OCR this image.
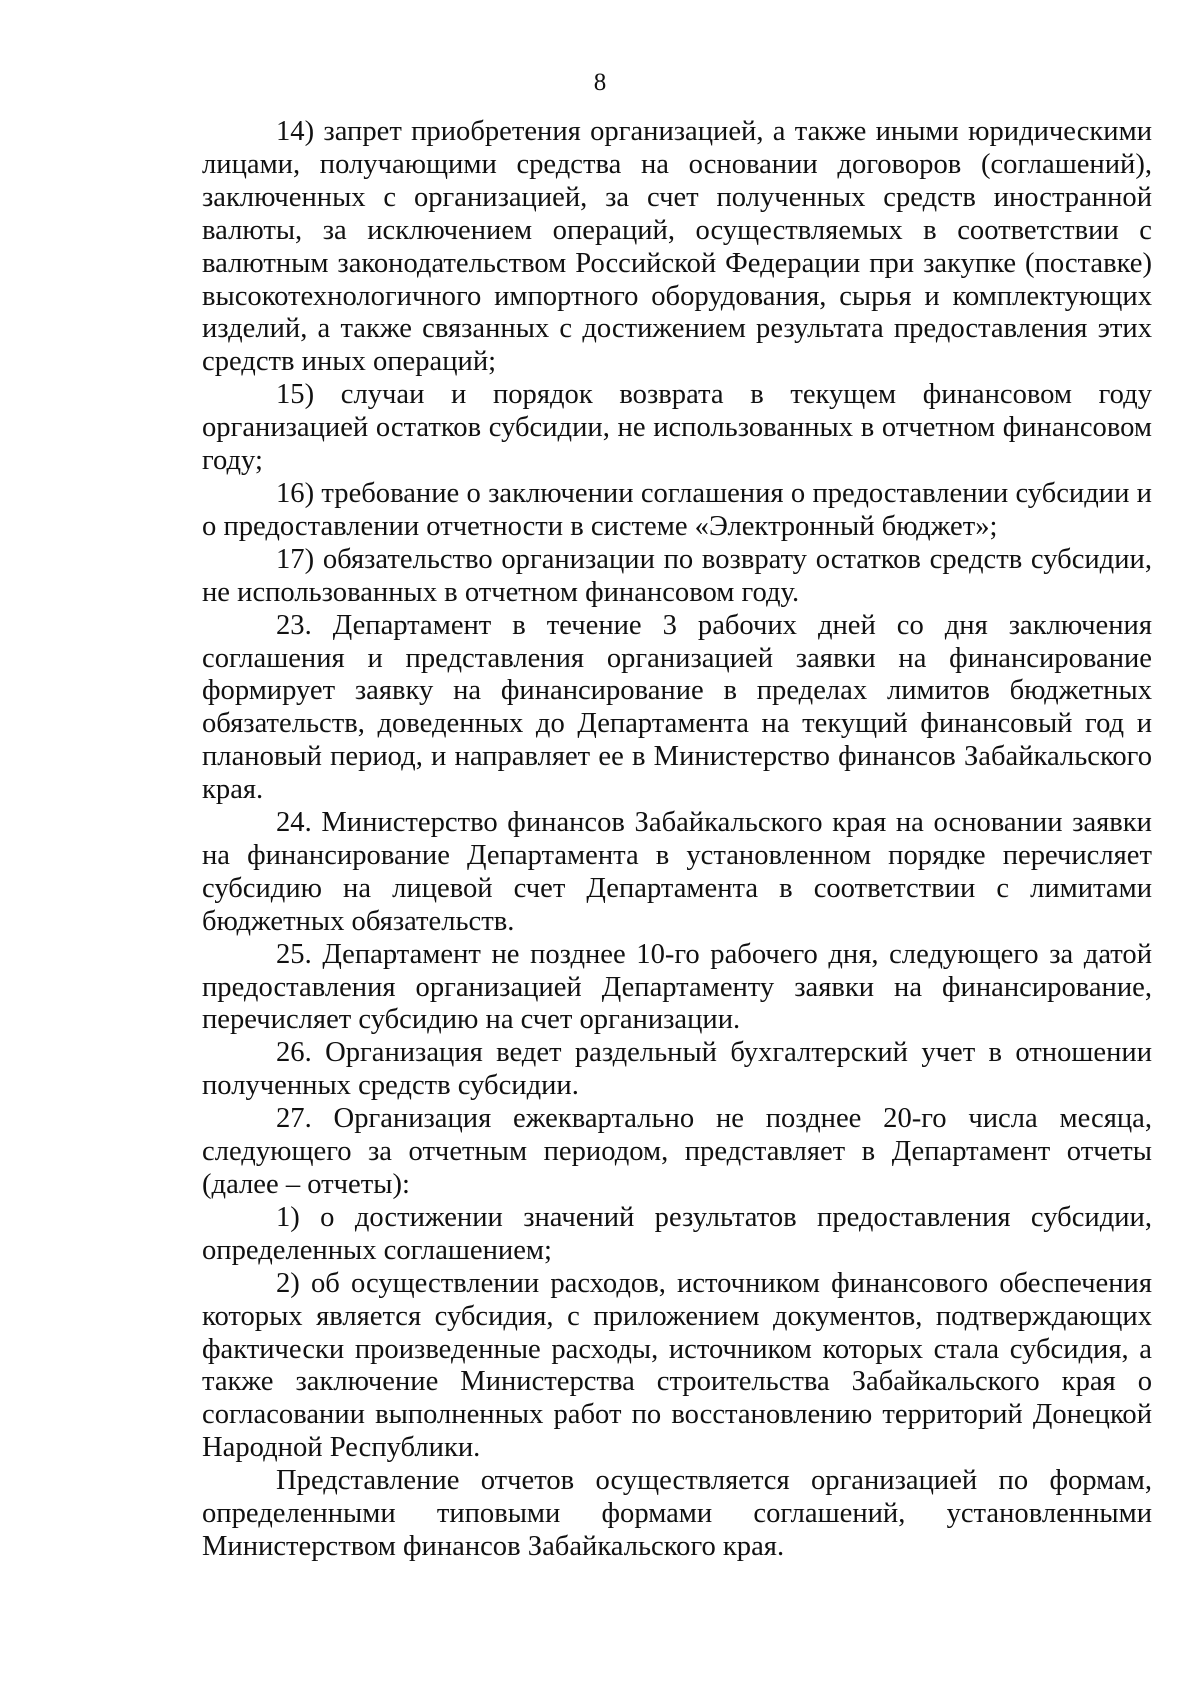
8

14) запрет приобретения организацией, а также иными юридическими лицами, получающими средства на основании договоров (соглашений), заключенных с организацией, за счет полученных средств иностранной валюты, за исключением операций, осуществляемых в соответствии с валютным законодательством Российской Федерации при закупке (поставке) высокотехнологичного импортного оборудования, сырья и комплектующих изделий, а также связанных с достижением результата предоставления этих средств иных операций;

15) случаи и порядок возврата в текущем финансовом году организацией остатков субсидии, не использованных в отчетном финансовом году;

16) требование о заключении соглашения о предоставлении субсидии и о предоставлении отчетности в системе «Электронный бюджет»;

17) обязательство организации по возврату остатков средств субсидии, не использованных в отчетном финансовом году.

23. Департамент в течение 3 рабочих дней со дня заключения соглашения и представления организацией заявки на финансирование формирует заявку на финансирование в пределах лимитов бюджетных обязательств, доведенных до Департамента на текущий финансовый год и плановый период, и направляет ее в Министерство финансов Забайкальского края.

24. Министерство финансов Забайкальского края на основании заявки на финансирование Департамента в установленном порядке перечисляет субсидию на лицевой счет Департамента в соответствии с лимитами бюджетных обязательств.

25. Департамент не позднее 10-го рабочего дня, следующего за датой предоставления организацией Департаменту заявки на финансирование, перечисляет субсидию на счет организации.

26. Организация ведет раздельный бухгалтерский учет в отношении полученных средств субсидии.

27. Организация ежеквартально не позднее 20-го числа месяца, следующего за отчетным периодом, представляет в Департамент отчеты (далее – отчеты):

1) о достижении значений результатов предоставления субсидии, определенных соглашением;

2) об осуществлении расходов, источником финансового обеспечения которых является субсидия, с приложением документов, подтверждающих фактически произведенные расходы, источником которых стала субсидия, а также заключение Министерства строительства Забайкальского края о согласовании выполненных работ по восстановлению территорий Донецкой Народной Республики.

Представление отчетов осуществляется организацией по формам, определенными типовыми формами соглашений, установленными Министерством финансов Забайкальского края.
